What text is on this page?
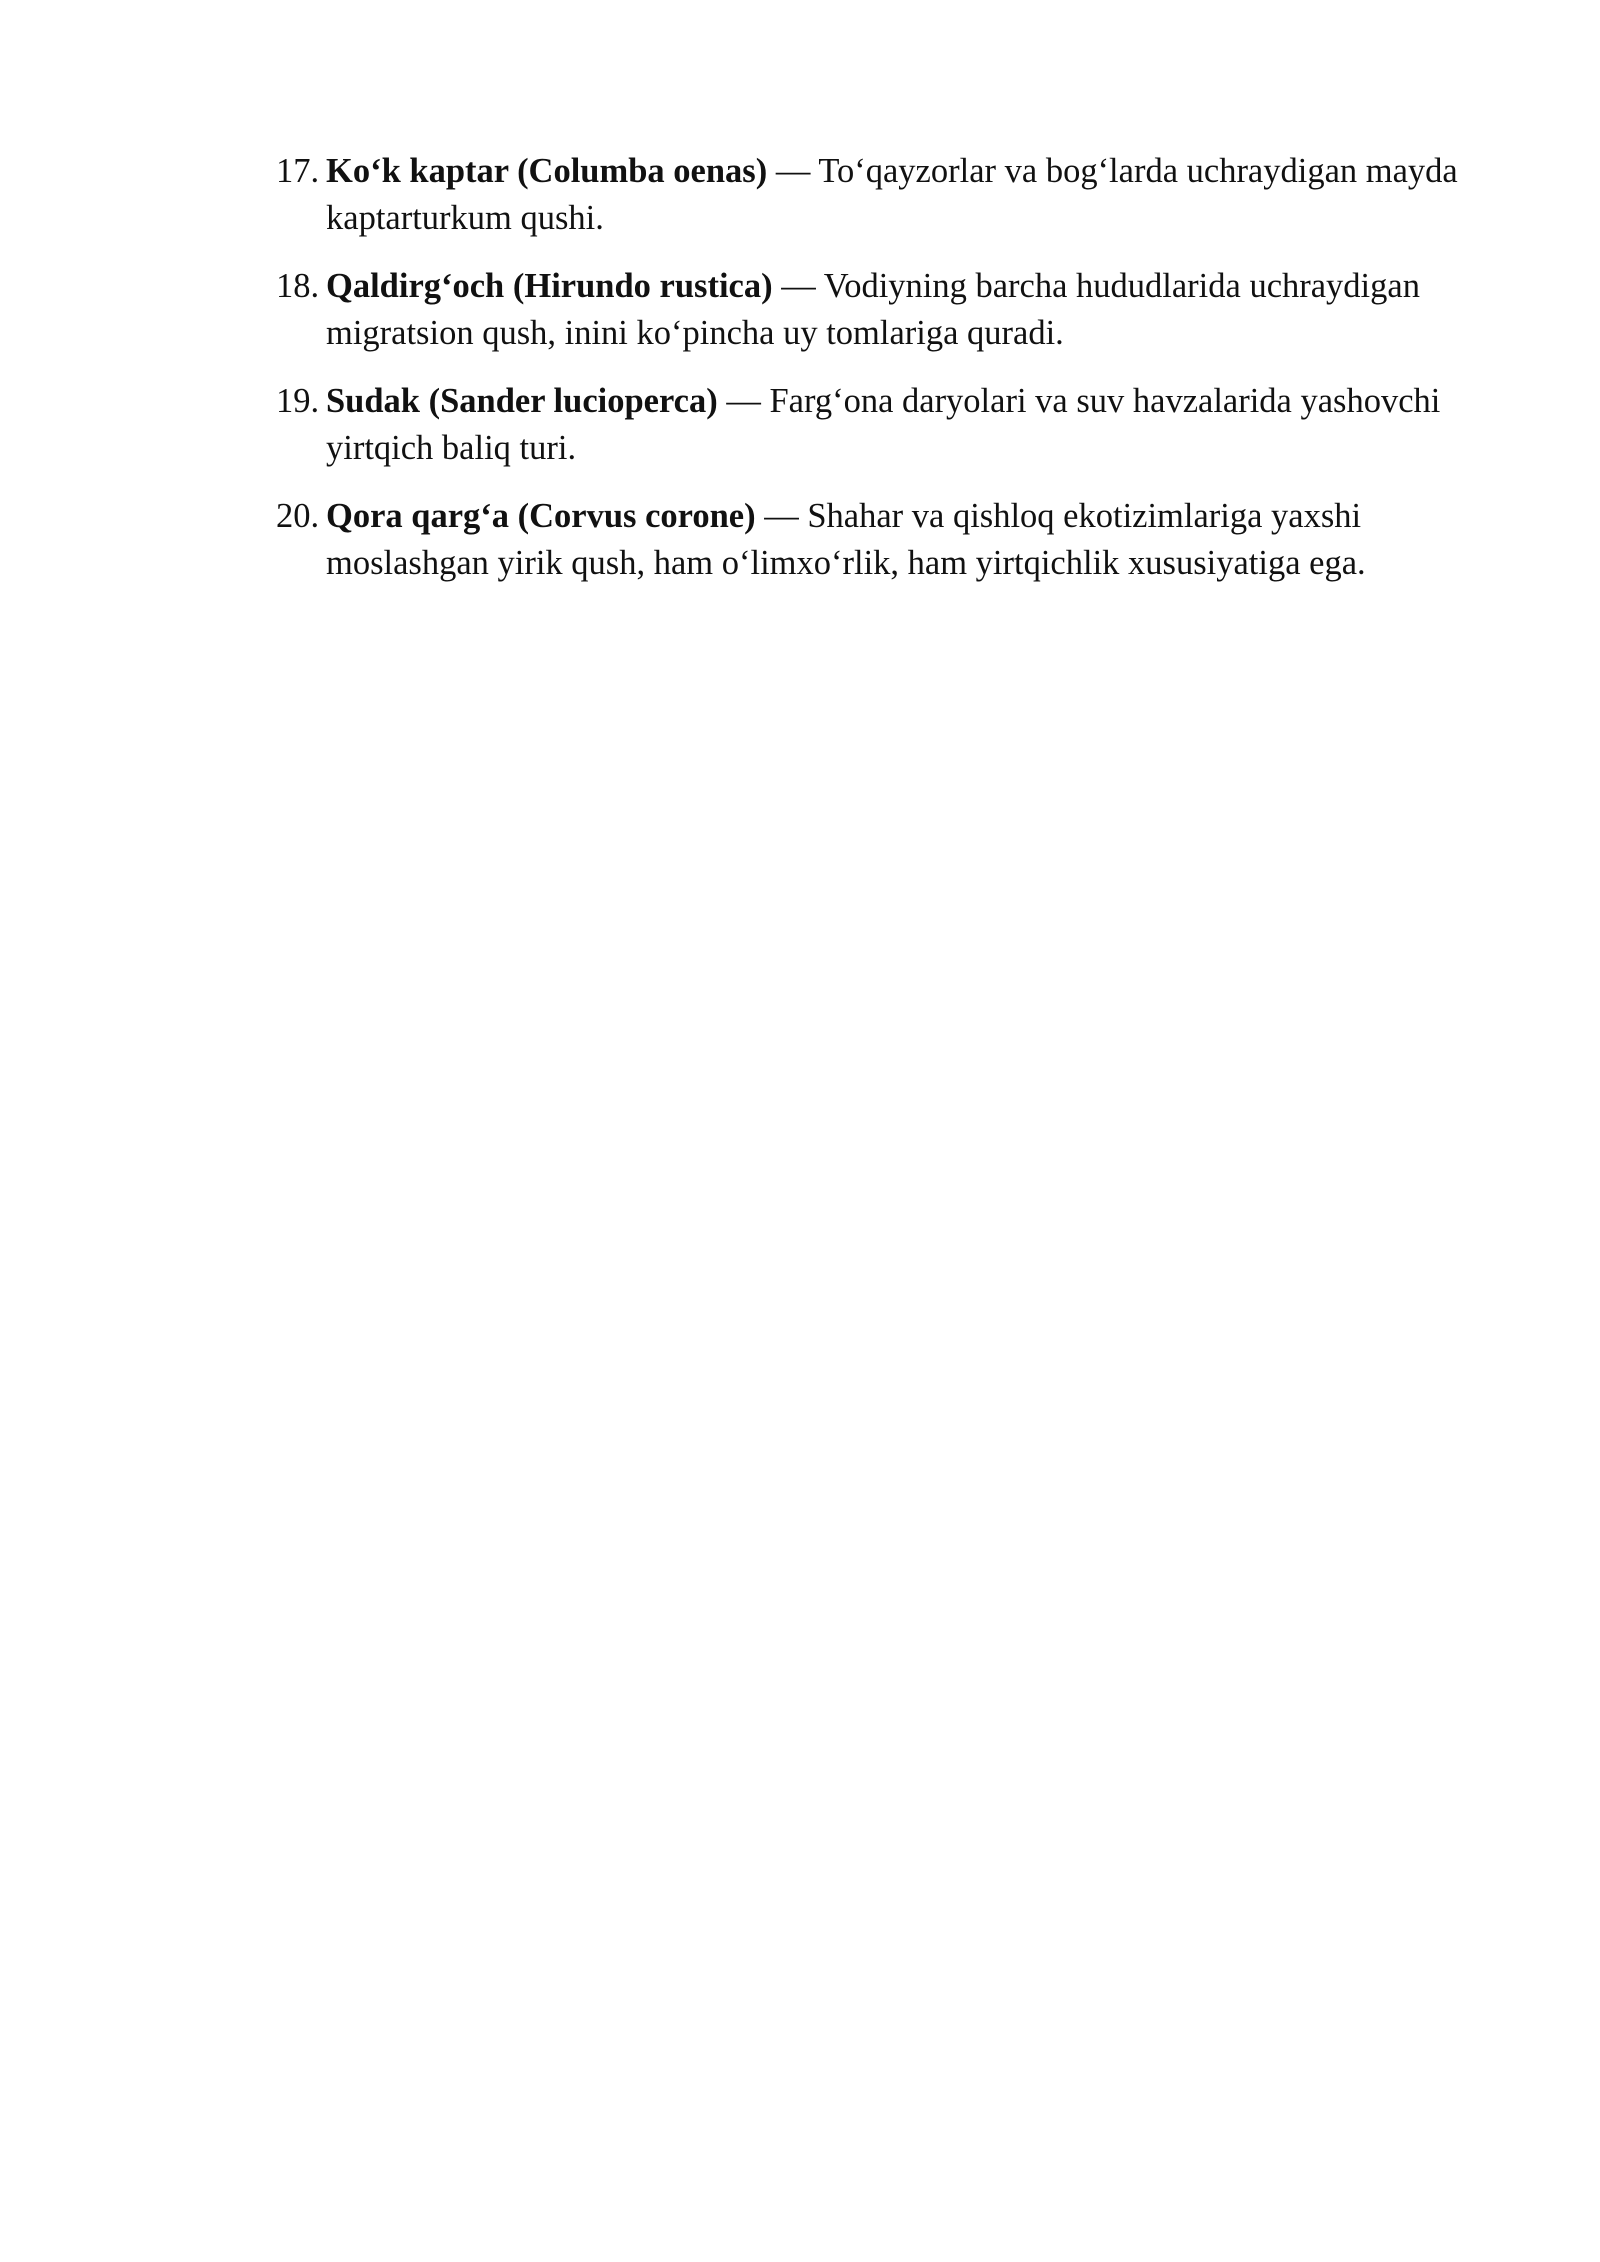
17. Ko‘k kaptar (Columba oenas) — To‘qayzorlar va bog‘larda uchraydigan mayda kaptarturkum qushi.
18. Qaldirg‘och (Hirundo rustica) — Vodiyning barcha hududlarida uchraydigan migratsion qush, inini ko‘pincha uy tomlariga quradi.
19. Sudak (Sander lucioperca) — Farg‘ona daryolari va suv havzalarida yashovchi yirtqich baliq turi.
20. Qora qarg‘a (Corvus corone) — Shahar va qishloq ekotizimlariga yaxshi moslashgan yirik qush, ham o‘limxo‘rlik, ham yirtqichlik xususiyatiga ega.
